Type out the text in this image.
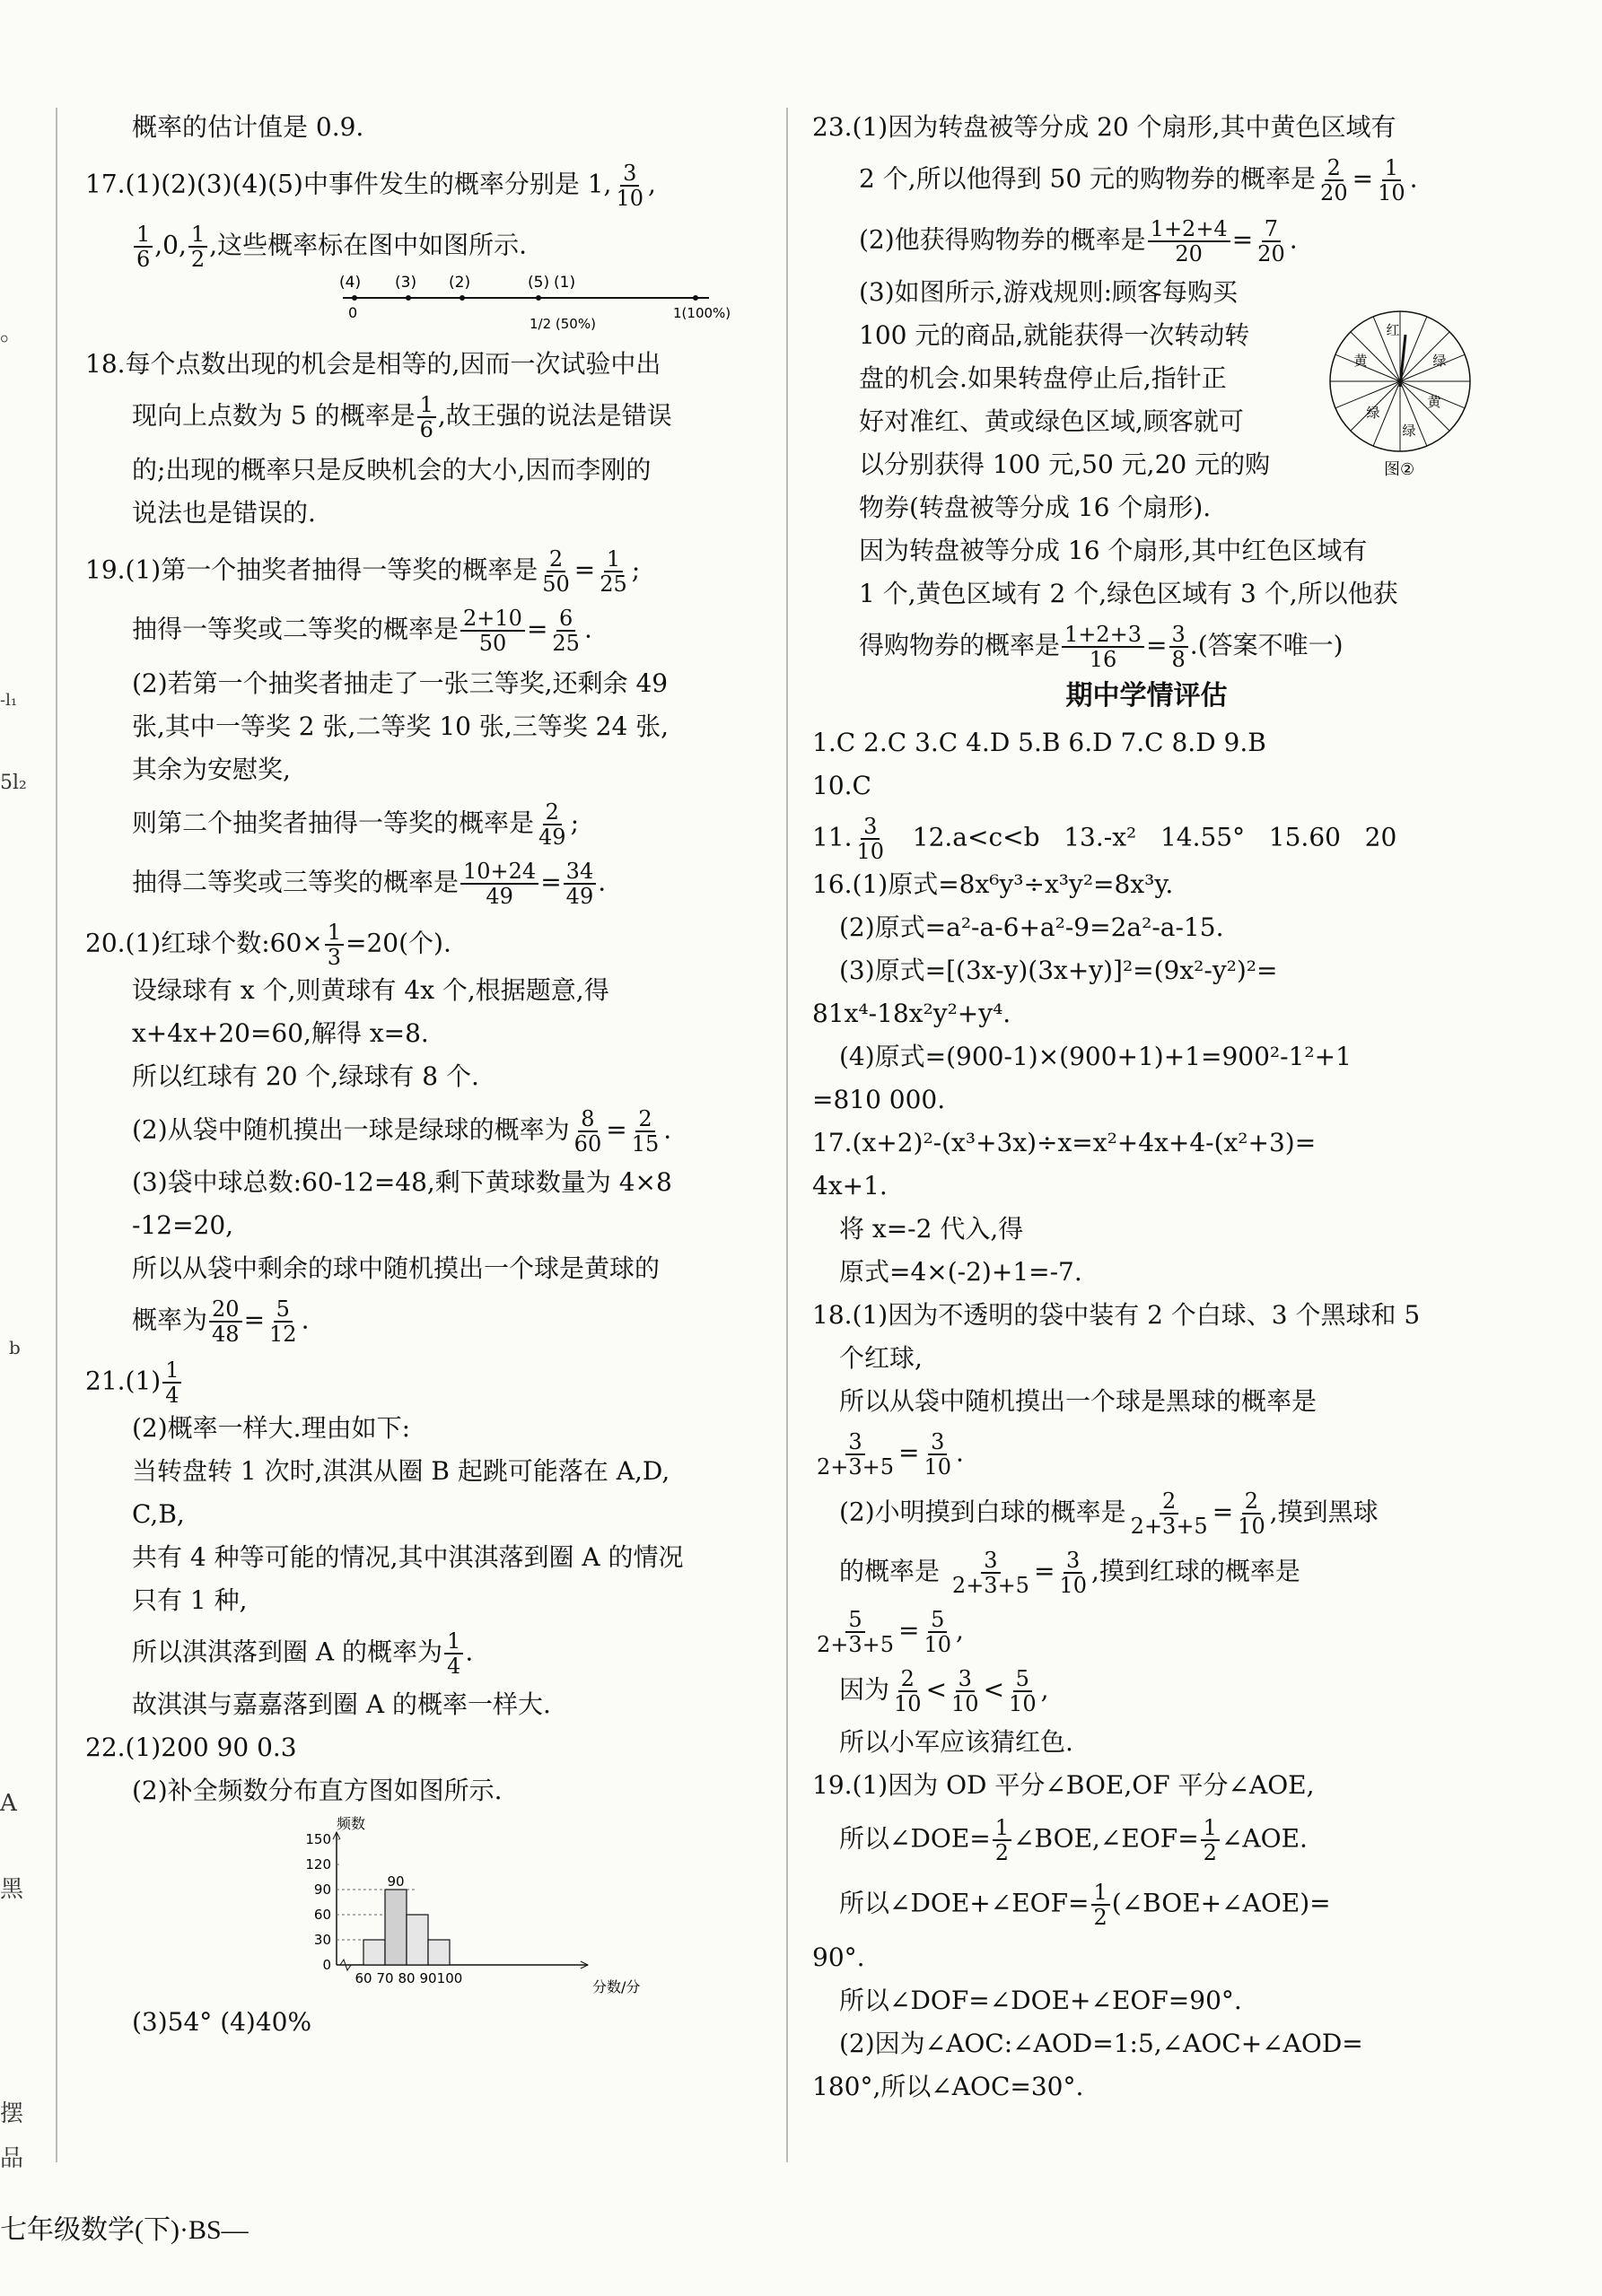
。
-l₁
5l₂
b
A
黑
摆
品

概率的估计值是 0.9.

17.(1)(2)(3)(4)(5)中事件发生的概率分别是 1, $\frac{3}{10}$ ,

$\frac{1}{6} ,0$, $\frac{1}{2}$ ,这些概率标在图中如图所示.

(4) (3) (2)	(5) (1)
0
1/2 (50%)
1(100%)

18.每个点数出现的机会是相等的,因而一次试验中出

现向上点数为 5 的概率是 $\frac{1}{6}$ ,故王强的说法是错误

的;出现的概率只是反映机会的大小,因而李刚的

说法也是错误的.

19.(1)第一个抽奖者抽得一等奖的概率是 $\frac{2}{50} = \frac{1}{25}$ ;

抽得一等奖或二等奖的概率是 $\frac{2+10}{50} = \frac{6}{25}$ .

(2)若第一个抽奖者抽走了一张三等奖,还剩余 49

张,其中一等奖 2 张,二等奖 10 张,三等奖 24 张,

其余为安慰奖,

则第二个抽奖者抽得一等奖的概率是 $\frac{2}{49}$ ;

抽得二等奖或三等奖的概率是 $\frac{10+24}{49} = \frac{34}{49}$ .

20.(1)红球个数:60× $\frac{1}{3} =20$(个).

设绿球有 x 个,则黄球有 4x 个,根据题意,得

x+4x+20=60,解得 x=8.

所以红球有 20 个,绿球有 8 个.

(2)从袋中随机摸出一球是绿球的概率为 $\frac{8}{60} = \frac{2}{15}$ .

(3)袋中球总数:60-12=48,剩下黄球数量为 4×8

-12=20,

所以从袋中剩余的球中随机摸出一个球是黄球的

概率为 $\frac{20}{48} = \frac{5}{12}$ .

$21.(1) \frac{1}{4}$

(2)概率一样大.理由如下:

当转盘转 1 次时,淇淇从圈 B 起跳可能落在 A,D,

C,B,

共有 4 种等可能的情况,其中淇淇落到圈 A 的情况

只有 1 种,

所以淇淇落到圈 A 的概率为 $\frac{1}{4}$ .

故淇淇与嘉嘉落到圈 A 的概率一样大.

22.(1)200 90 0.3

(2)补全频数分布直方图如图所示.

频数
分数/分
0
30
60
90
120
150
90
60 70 80 90 100

(3)54° (4)40%

23.(1)因为转盘被等分成 20 个扇形,其中黄色区域有

2 个,所以他得到 50 元的购物券的概率是 $\frac{2}{20} = \frac{1}{10}$ .

(2)他获得购物券的概率是 $\frac{1+2+4}{20} = \frac{7}{20}$ .

(3)如图所示,游戏规则:顾客每购买

100 元的商品,就能获得一次转动转

盘的机会.如果转盘停止后,指针正

好对准红、黄或绿色区域,顾客就可

以分别获得 100 元,50 元,20 元的购

物券(转盘被等分成 16 个扇形).

因为转盘被等分成 16 个扇形,其中红色区域有

1 个,黄色区域有 2 个,绿色区域有 3 个,所以他获

得购物券的概率是 $\frac{1+2+3}{16} = \frac{3}{8}$ .(答案不唯一)

期中学情评估

1.C 2.C 3.C 4.D 5.B 6.D 7.C 8.D 9.B

10.C

11. $\frac{3}{10} 12.a<c<b$   13.-x²   14.55°   15.60   20

16.(1)原式=8x⁶y³÷x³y²=8x³y.

(2)原式=a²-a-6+a²-9=2a²-a-15.

(3)原式=[(3x-y)(3x+y)]²=(9x²-y²)²=

81x⁴-18x²y²+y⁴.

(4)原式=(900-1)×(900+1)+1=900²-1²+1

=810 000.

17.(x+2)²-(x³+3x)÷x=x²+4x+4-(x²+3)=

4x+1.

将 x=-2 代入,得

原式=4×(-2)+1=-7.

18.(1)因为不透明的袋中装有 2 个白球、3 个黑球和 5

个红球,

所以从袋中随机摸出一个球是黑球的概率是

$\frac{3}{2+3+5} = \frac{3}{10}$ .

(2)小明摸到白球的概率是 $\frac{2}{2+3+5} = \frac{2}{10}$ ,摸到黑球

的概率是 $\frac{3}{2+3+5} = \frac{3}{10}$ ,摸到红球的概率是

$\frac{5}{2+3+5} = \frac{5}{10}$ ,

因为 $\frac{2}{10} < \frac{3}{10} < \frac{5}{10}$ ,

所以小军应该猜红色.

19.(1)因为 OD 平分∠BOE,OF 平分∠AOE,

所以∠DOE= $\frac{1}{2}$ ∠BOE,∠EOF= $\frac{1}{2}$ ∠AOE.

所以∠DOE+∠EOF= $\frac{1}{2}$ (∠BOE+∠AOE)=

90°.

所以∠DOF=∠DOE+∠EOF=90°.

(2)因为∠AOC:∠AOD=1:5,∠AOC+∠AOD=

180°,所以∠AOC=30°.

红
绿
黄
绿
黄
绿
图②
七年级数学(下)·BS—
